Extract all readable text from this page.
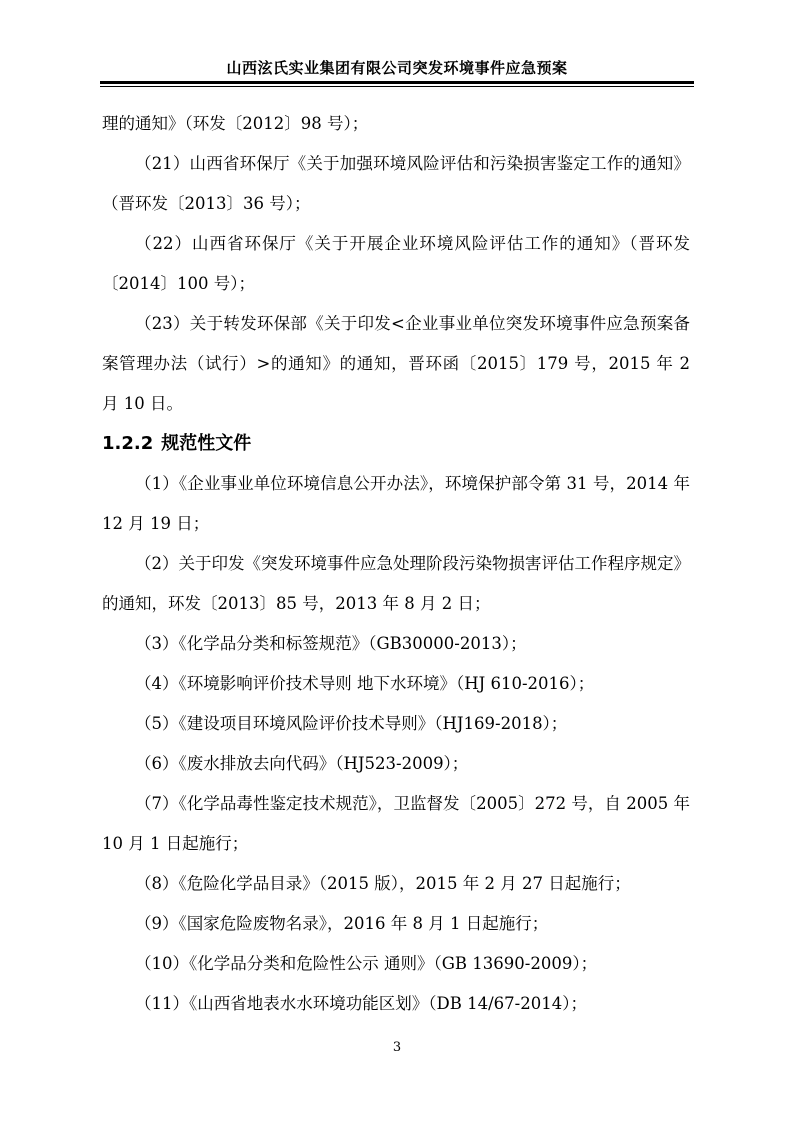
山西泫氏实业集团有限公司突发环境事件应急预案

理的通知》（环发〔2012〕98 号）；

（21）山西省环保厅《关于加强环境风险评估和污染损害鉴定工作的通知》（晋环发〔2013〕36 号）；

（22）山西省环保厅《关于开展企业环境风险评估工作的通知》（晋环发〔2014〕100 号）；

（23）关于转发环保部《关于印发<企业事业单位突发环境事件应急预案备案管理办法（试行）>的通知》的通知，晋环函〔2015〕179 号，2015 年 2 月 10 日。

1.2.2 规范性文件

（1）《企业事业单位环境信息公开办法》，环境保护部令第 31 号，2014 年 12 月 19 日；

（2）关于印发《突发环境事件应急处理阶段污染物损害评估工作程序规定》的通知，环发〔2013〕85 号，2013 年 8 月 2 日；

（3）《化学品分类和标签规范》（GB30000-2013）；

（4）《环境影响评价技术导则 地下水环境》（HJ 610-2016）；

（5）《建设项目环境风险评价技术导则》（HJ169-2018）；

（6）《废水排放去向代码》（HJ523-2009）；

（7）《化学品毒性鉴定技术规范》，卫监督发〔2005〕272 号，自 2005 年 10 月 1 日起施行；

（8）《危险化学品目录》（2015 版），2015 年 2 月 27 日起施行；

（9）《国家危险废物名录》，2016 年 8 月 1 日起施行；

（10）《化学品分类和危险性公示 通则》（GB 13690-2009）；

（11）《山西省地表水水环境功能区划》（DB 14/67-2014）；

3
